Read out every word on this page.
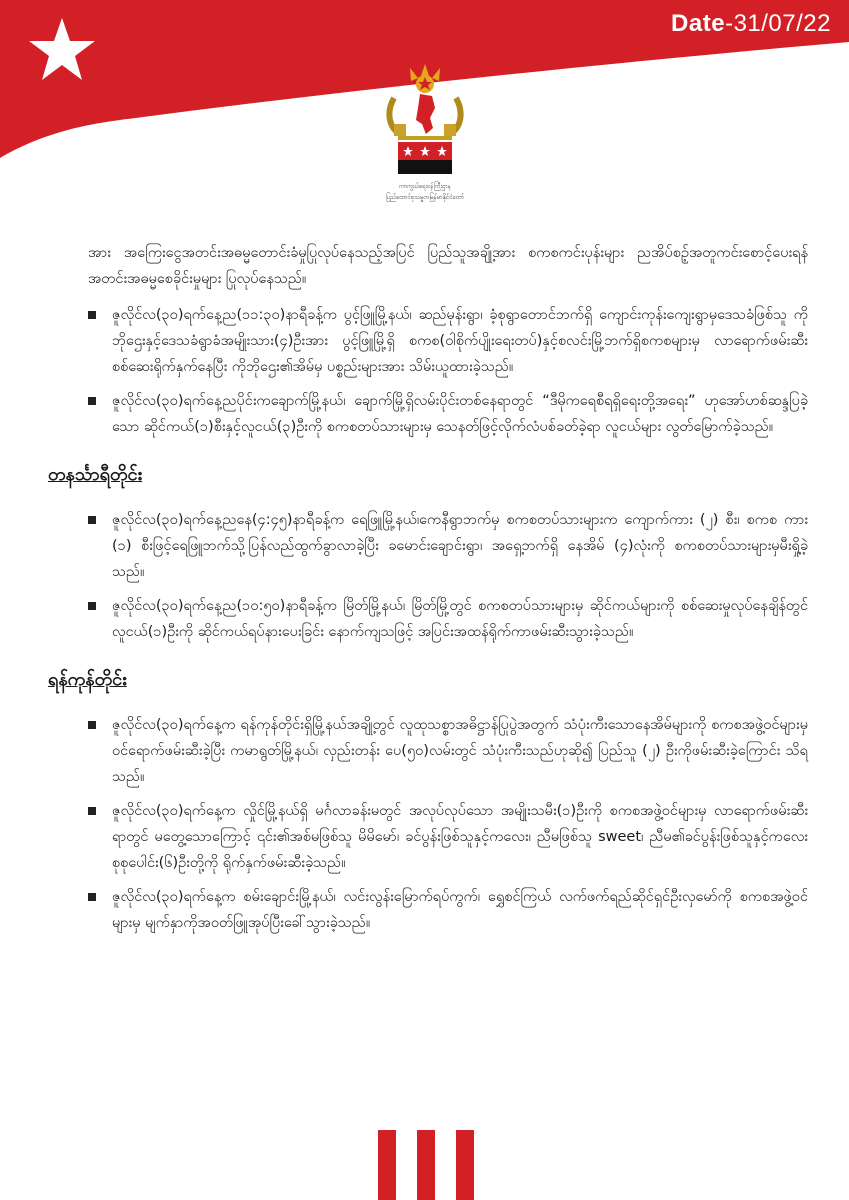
Date-31/07/22
ကာကွယ်ရေးဝန်ကြီးဌာန
ပြည်ထောင်စုသမ္မတမြန်မာနိုင်ငံတော်

အား အကြေးငွေအတင်းအဓမ္မတောင်းခံမှုပြုလုပ်နေသည့်အပြင် ပြည်သူအချို့အား စကစကင်းပုန်းများ ညအိပ်စဥ့်အတူကင်းစောင့်ပေးရန် အတင်းအဓမ္မစေခိုင်းမှုများ ပြုလုပ်နေသည်။

ဇူလိုင်လ(၃၀)ရက်နေ့ည(၁၁:၃၀)နာရီခန့်က ပွင့်ဖြူမြို့နယ်၊ ဆည်မုန်းရွာ၊ ခံ့စုရွာတောင်ဘက်ရှိ ကျောင်းကုန်းကျေးရွာမှဒေသခံဖြစ်သူ ကိုဘိုဌေးနှင့်ဒေသခံရွာခံအမျိုးသား(၄)ဦးအား ပွင့်ဖြူမြို့ရှိ စကစ(ဝါစိုက်ပျိုးရေးတပ်)နှင့်စလင်းမြို့ဘက်ရှိစကစများမှ လာရောက်ဖမ်းဆီးစစ်ဆေးရိုက်နှက်နေပြီး ကိုဘိုဌေး၏အိမ်မှ ပစ္စည်းများအား သိမ်းယူထားခဲ့သည်။
ဇူလိုင်လ(၃၀)ရက်နေ့ညပိုင်းကချောက်မြို့နယ်၊ ချောက်မြို့ရှိလမ်းပိုင်းတစ်နေရာတွင် “ဒီမိုကရေစီရရှိရေးတို့အရေး” ဟုအော်ဟစ်ဆန္ဒပြခဲ့သော ဆိုင်ကယ်(၁)စီးနှင့်လူငယ်(၃)ဦးကို စကစတပ်သားများမှ သေနတ်ဖြင့်လိုက်လံပစ်ခတ်ခဲ့ရာ လူငယ်များ လွတ်မြောက်ခဲ့သည်။
တနင်္သာရီတိုင်း
ဇူလိုင်လ(၃၀)ရက်နေ့ညနေ(၄:၄၅)နာရီခန့်က ရေဖြူမြို့နယ်၊ကေနီရွာဘက်မှ စကစတပ်သားများက ကျောက်ကား (၂) စီး၊ စကစ ကား (၁) စီးဖြင့်ရေဖြူဘက်သို့ပြန်လည်ထွက်ခွာလာခဲ့ပြီး ခမောင်းချောင်းရွာ၊ အရှေ့ဘက်ရှိ နေအိမ် (၄)လုံးကို စကစတပ်သားများမှမီးရှို့ခဲ့သည်။
ဇူလိုင်လ(၃၀)ရက်နေ့ည(၁၀:၅၀)နာရီခန့်က မြိတ်မြို့နယ်၊ မြိတ်မြို့တွင် စကစတပ်သားများမှ ဆိုင်ကယ်များကို စစ်ဆေးမှုလုပ်နေချိန်တွင် လူငယ်(၁)ဦးကို ဆိုင်ကယ်ရပ်နားပေးခြင်း နောက်ကျသဖြင့် အပြင်းအထန်ရိုက်ကာဖမ်းဆီးသွားခဲ့သည်။
ရန်ကုန်တိုင်း
ဇူလိုင်လ(၃၀)ရက်နေ့က ရန်ကုန်တိုင်းရှိမြို့နယ်အချို့တွင် လူထုသစ္စာအဓိဋ္ဌာန်ပြုပွဲအတွက် သံပုံးကီးသောနေအိမ်များကို စကစအဖွဲ့ဝင်များမှဝင်ရောက်ဖမ်းဆီးခဲ့ပြီး ကမာရွတ်မြို့နယ်၊ လှည်းတန်း ပေ(၅၀)လမ်းတွင် သံပုံးကီးသည်ဟုဆို၍ ပြည်သူ (၂) ဦးကိုဖမ်းဆီးခဲ့ကြောင်း သိရသည်။
ဇူလိုင်လ(၃၀)ရက်နေ့က လှိုင်မြို့နယ်ရှိ မင်္ဂလာခန်းမတွင် အလုပ်လုပ်သော အမျိုးသမီး(၁)ဦးကို စကစအဖွဲ့ဝင်များမှ လာရောက်ဖမ်းဆီးရာတွင် မတွေ့သောကြောင့် ၎င်း၏အစ်မဖြစ်သူ မိမိမော်၊ ခင်ပွန်းဖြစ်သူနှင့်ကလေး၊ ညီမဖြစ်သူ sweet၊ ညီမ၏ခင်ပွန်းဖြစ်သူနှင့်ကလေးစုစုပေါင်း(၆)ဦးတို့ကို ရိုက်နှက်ဖမ်းဆီးခဲ့သည်။
ဇူလိုင်လ(၃၀)ရက်နေ့က စမ်းချောင်းမြို့နယ်၊ လင်းလွန်းမြောက်ရပ်ကွက်၊ ရွှေစင်ကြယ် လက်ဖက်ရည်ဆိုင်ရှင်ဦးလှမော်ကို စကစအဖွဲ့ဝင်များမှ မျက်နှာကိုအဝတ်ဖြူအုပ်ပြီးခေါ်သွားခဲ့သည်။
